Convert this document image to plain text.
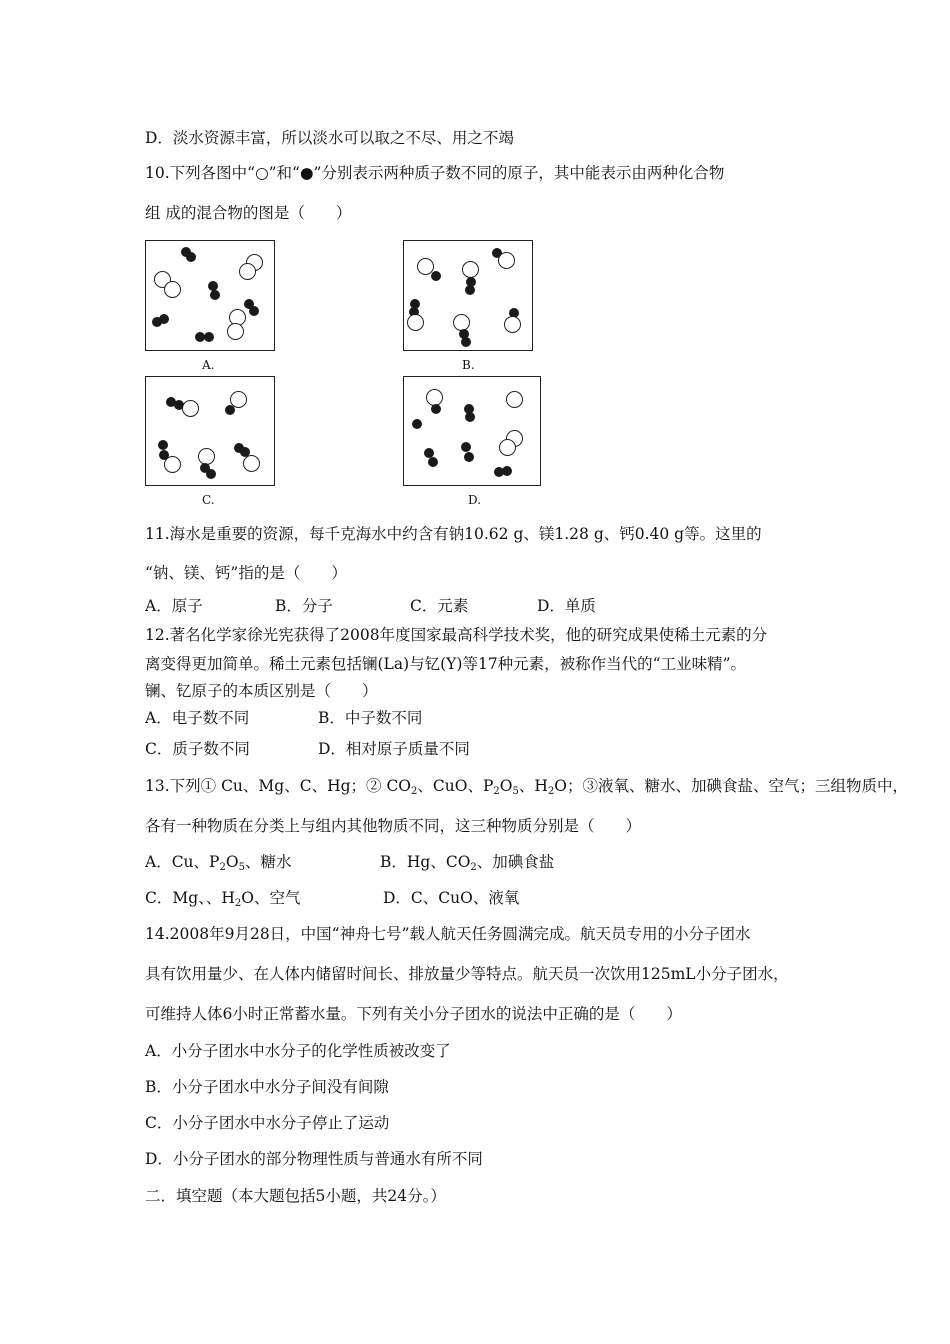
D．淡水资源丰富，所以淡水可以取之不尽、用之不竭
10.下列各图中“○”和“●”分别表示两种质子数不同的原子，其中能表示由两种化合物
组 成的混合物的图是（　　）
A.	B.
C.	D.
11.海水是重要的资源，每千克海水中约含有钠10.62 g、镁1.28 g、钙0.40 g等。这里的
“钠、镁、钙”指的是（　　）
A．原子	B．分子	C．元素	D．单质
12.著名化学家徐光宪获得了2008年度国家最高科学技术奖，他的研究成果使稀土元素的分
离变得更加简单。稀土元素包括镧(La)与钇(Y)等17种元素，被称作当代的“工业味精”。
镧、钇原子的本质区别是（　　）
A．电子数不同	B．中子数不同
C．质子数不同	D．相对原子质量不同
13.下列① Cu、Mg、C、Hg；② $CO_2$、CuO、$P_2O_5$、$H_2O$；③液氧、糖水、加碘食盐、空气；三组物质中，
各有一种物质在分类上与组内其他物质不同，这三种物质分别是（　　）
A．Cu、$P_2O_5$、糖水	B．Hg、$CO_2$、加碘食盐
C．Mg、、$H_2O$、空气	D．C、CuO、液氧
14.2008年9月28日，中国“神舟七号”载人航天任务圆满完成。航天员专用的小分子团水
具有饮用量少、在人体内储留时间长、排放量少等特点。航天员一次饮用125mL小分子团水，
可维持人体6小时正常蓄水量。下列有关小分子团水的说法中正确的是（　　）
A．小分子团水中水分子的化学性质被改变了
B．小分子团水中水分子间没有间隙
C．小分子团水中水分子停止了运动
D．小分子团水的部分物理性质与普通水有所不同
二．填空题（本大题包括5小题，共24分。）
